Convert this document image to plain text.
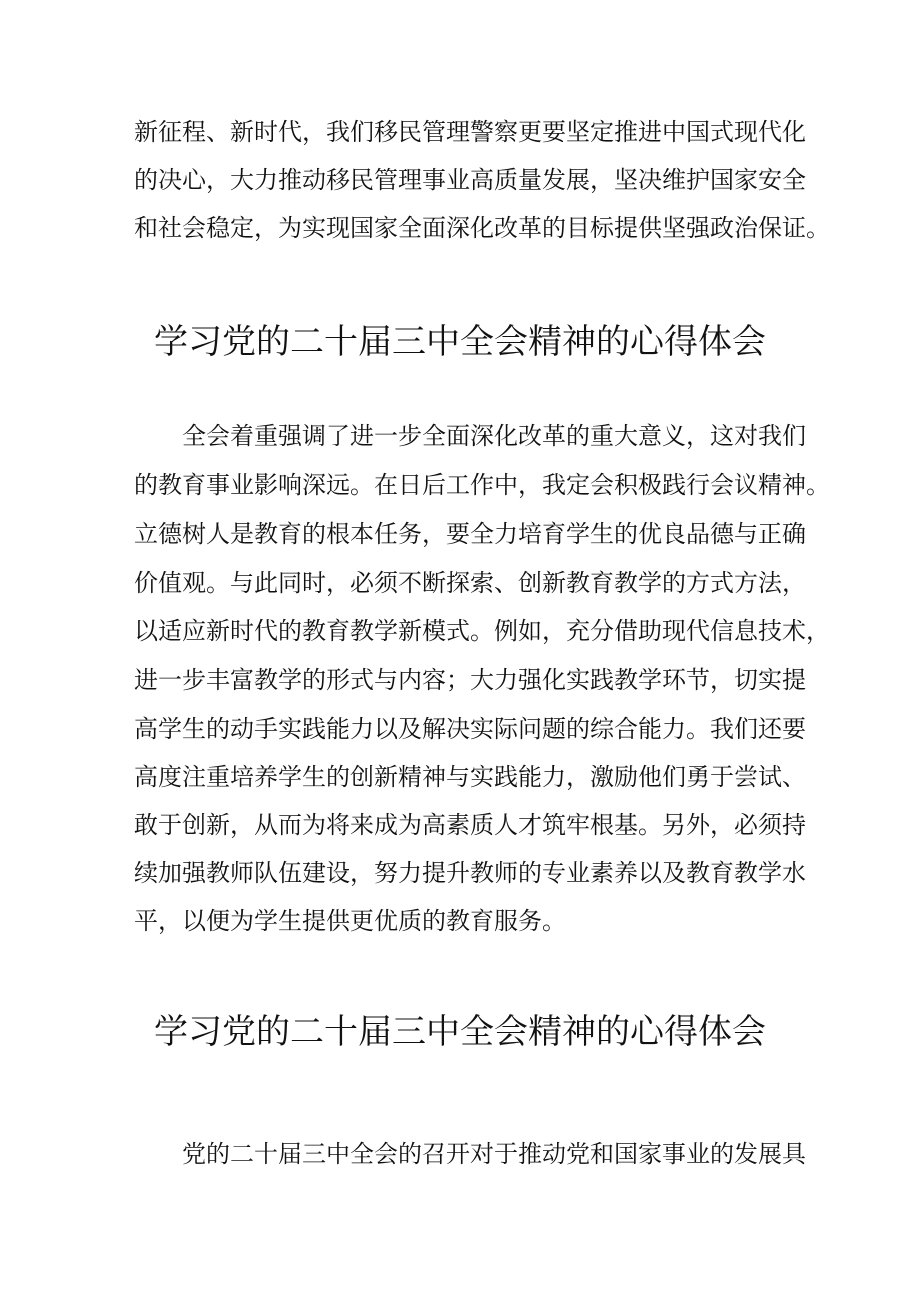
新征程、新时代，我们移民管理警察更要坚定推进中国式现代化

的决心，大力推动移民管理事业高质量发展，坚决维护国家安全

和社会稳定，为实现国家全面深化改革的目标提供坚强政治保证。

学习党的二十届三中全会精神的心得体会

全会着重强调了进一步全面深化改革的重大意义，这对我们

的教育事业影响深远。在日后工作中，我定会积极践行会议精神。

立德树人是教育的根本任务，要全力培育学生的优良品德与正确

价值观。与此同时，必须不断探索、创新教育教学的方式方法，

以适应新时代的教育教学新模式。例如，充分借助现代信息技术，

进一步丰富教学的形式与内容；大力强化实践教学环节，切实提

高学生的动手实践能力以及解决实际问题的综合能力。我们还要

高度注重培养学生的创新精神与实践能力，激励他们勇于尝试、

敢于创新，从而为将来成为高素质人才筑牢根基。另外，必须持

续加强教师队伍建设，努力提升教师的专业素养以及教育教学水

平，以便为学生提供更优质的教育服务。

学习党的二十届三中全会精神的心得体会

党的二十届三中全会的召开对于推动党和国家事业的发展具
